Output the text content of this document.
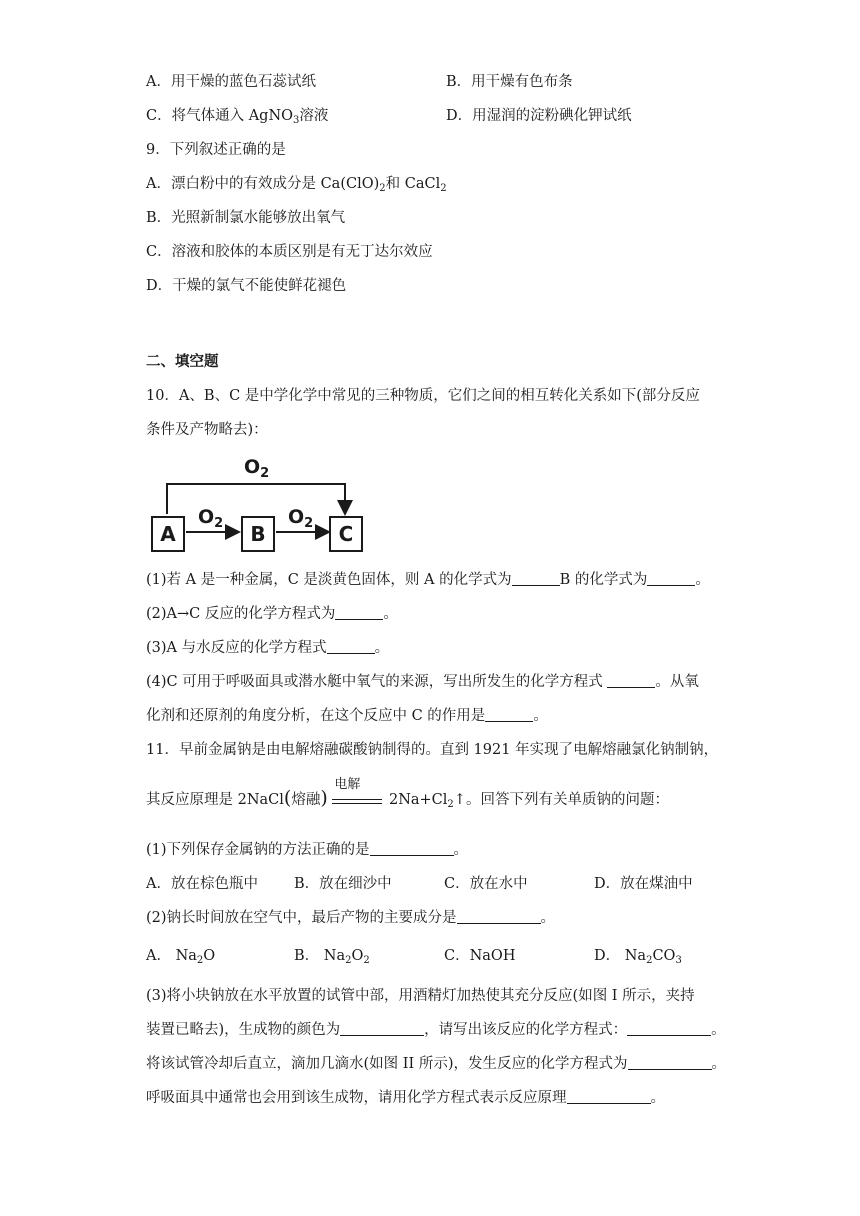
A．用干燥的蓝色石蕊试纸	B．用干燥有色布条
C．将气体通入 AgNO$_3$溶液	D．用湿润的淀粉碘化钾试纸
9．下列叙述正确的是
A．漂白粉中的有效成分是 $Ca(ClO)_2$和 CaCl$_2$
B．光照新制氯水能够放出氧气
C．溶液和胶体的本质区别是有无丁达尔效应
D．干燥的氯气不能使鲜花褪色
二、填空题
10．A、B、C 是中学化学中常见的三种物质，它们之间的相互转化关系如下(部分反应
条件及产物略去)：
A	B	C
$O_2$
$O_2$	$O_2$
(1)若 A 是一种金属，C 是淡黄色固体，则 A 的化学式为	B 的化学式为	。
(2)A→C 反应的化学方程式为	。
(3)A 与水反应的化学方程式	。
(4)C 可用于呼吸面具或潜水艇中氧气的来源，写出所发生的化学方程式	。从氧
化剂和还原剂的角度分析，在这个反应中 C 的作用是	。
11．早前金属钠是由电解熔融碳酸钠制得的。直到 1921 年实现了电解熔融氯化钠制钠，
其反应原理是 2NaCl(熔融)
电解
$2Na+Cl_2↑$。回答下列有关单质钠的问题：
(1)下列保存金属钠的方法正确的是	。
A．放在棕色瓶中 B．放在细沙中	C．放在水中	D．放在煤油中
(2)钠长时间放在空气中，最后产物的主要成分是	。
A． $Na_2O$	B． $Na_2O_2$	C．NaOH	D． $Na_2CO_3$
(3)将小块钠放在水平放置的试管中部，用酒精灯加热使其充分反应(如图 I 所示，夹持
装置已略去)，生成物的颜色为	，请写出该反应的化学方程式：	。
将该试管冷却后直立，滴加几滴水(如图 II 所示)，发生反应的化学方程式为	。
呼吸面具中通常也会用到该生成物，请用化学方程式表示反应原理	。
